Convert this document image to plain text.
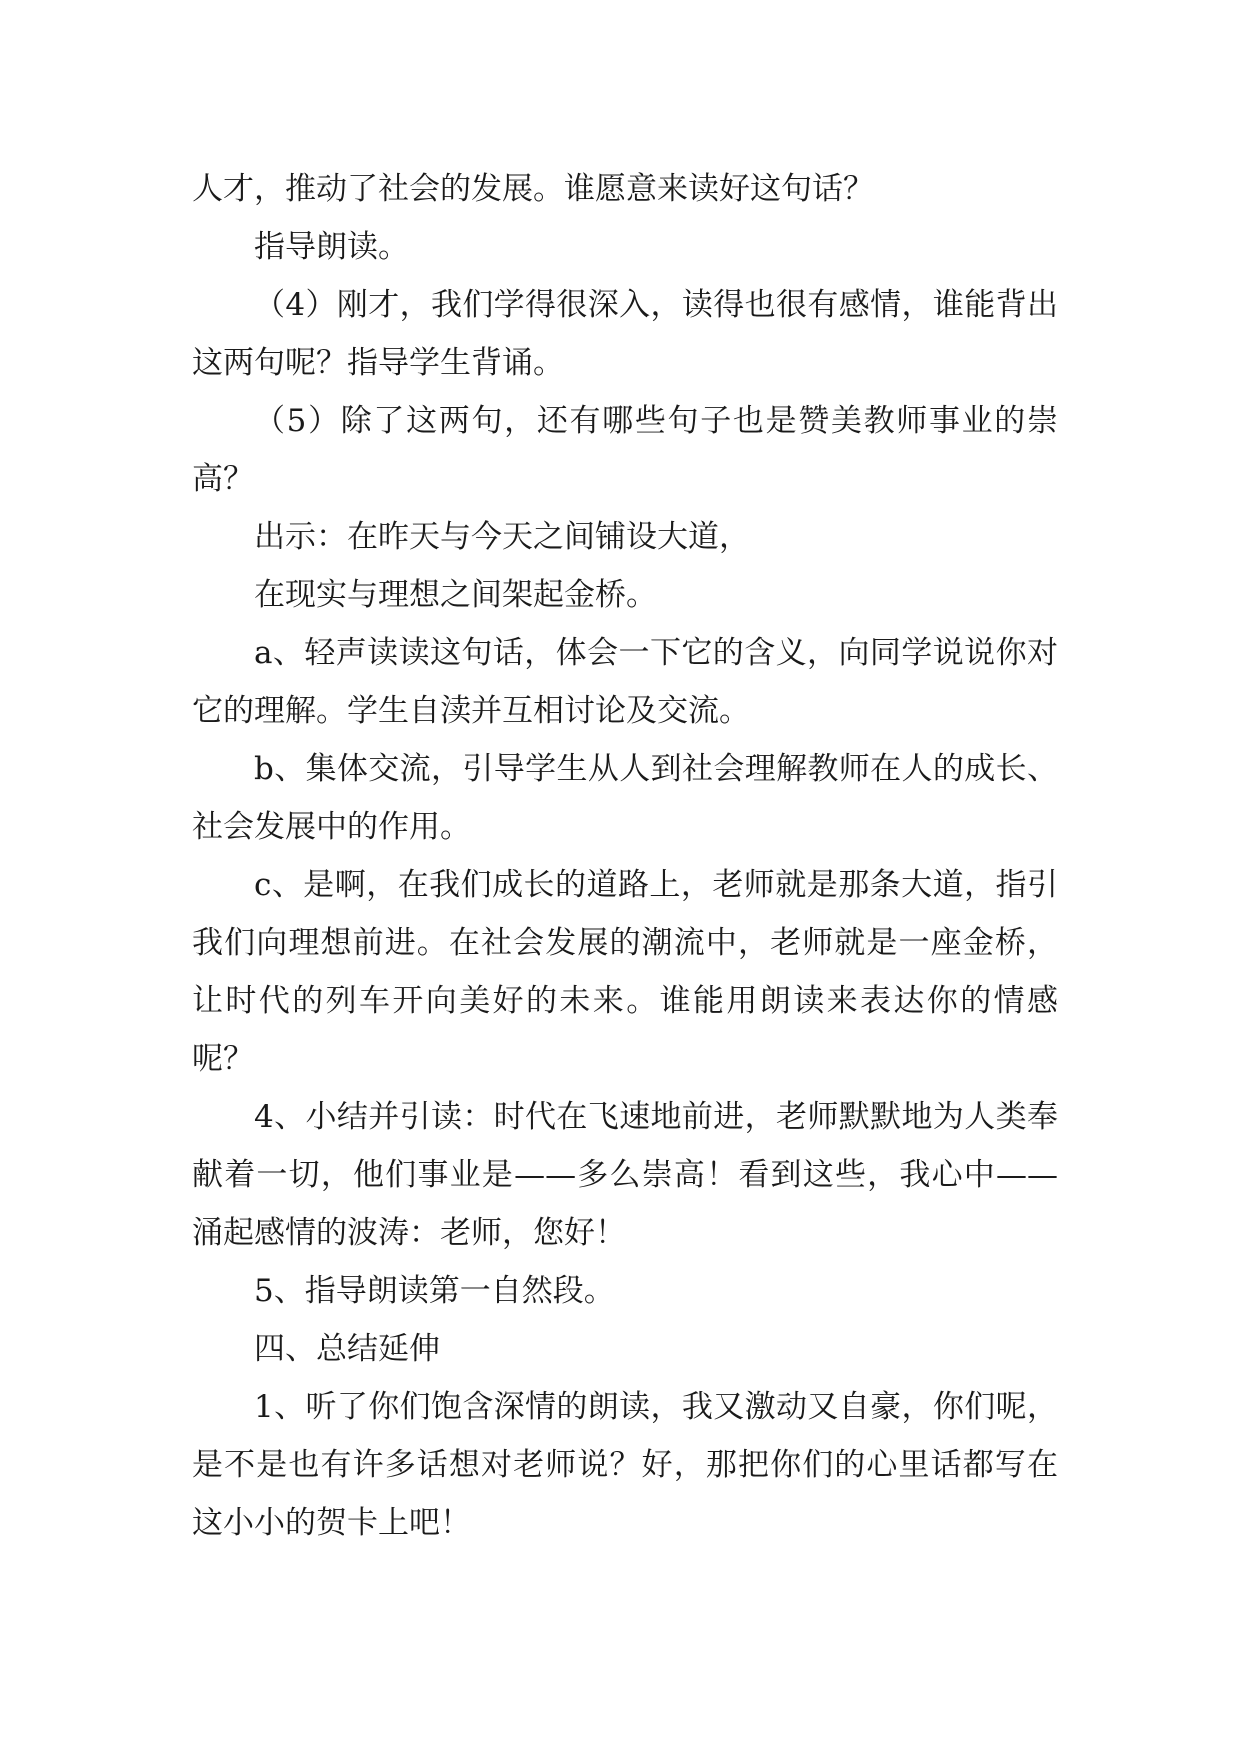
人才，推动了社会的发展。谁愿意来读好这句话？

指导朗读。

（4）刚才，我们学得很深入，读得也很有感情，谁能背出这两句呢？指导学生背诵。

（5）除了这两句，还有哪些句子也是赞美教师事业的崇高？

出示：在昨天与今天之间铺设大道，

在现实与理想之间架起金桥。

a、轻声读读这句话，体会一下它的含义，向同学说说你对它的理解。学生自渎并互相讨论及交流。

b、集体交流，引导学生从人到社会理解教师在人的成长、社会发展中的作用。

c、是啊，在我们成长的道路上，老师就是那条大道，指引我们向理想前进。在社会发展的潮流中，老师就是一座金桥，让时代的列车开向美好的未来。谁能用朗读来表达你的情感呢？

4、小结并引读：时代在飞速地前进，老师默默地为人类奉献着一切，他们事业是——多么崇高！看到这些，我心中——涌起感情的波涛：老师，您好！

5、指导朗读第一自然段。

四、总结延伸

1、听了你们饱含深情的朗读，我又激动又自豪，你们呢，是不是也有许多话想对老师说？好，那把你们的心里话都写在这小小的贺卡上吧！
